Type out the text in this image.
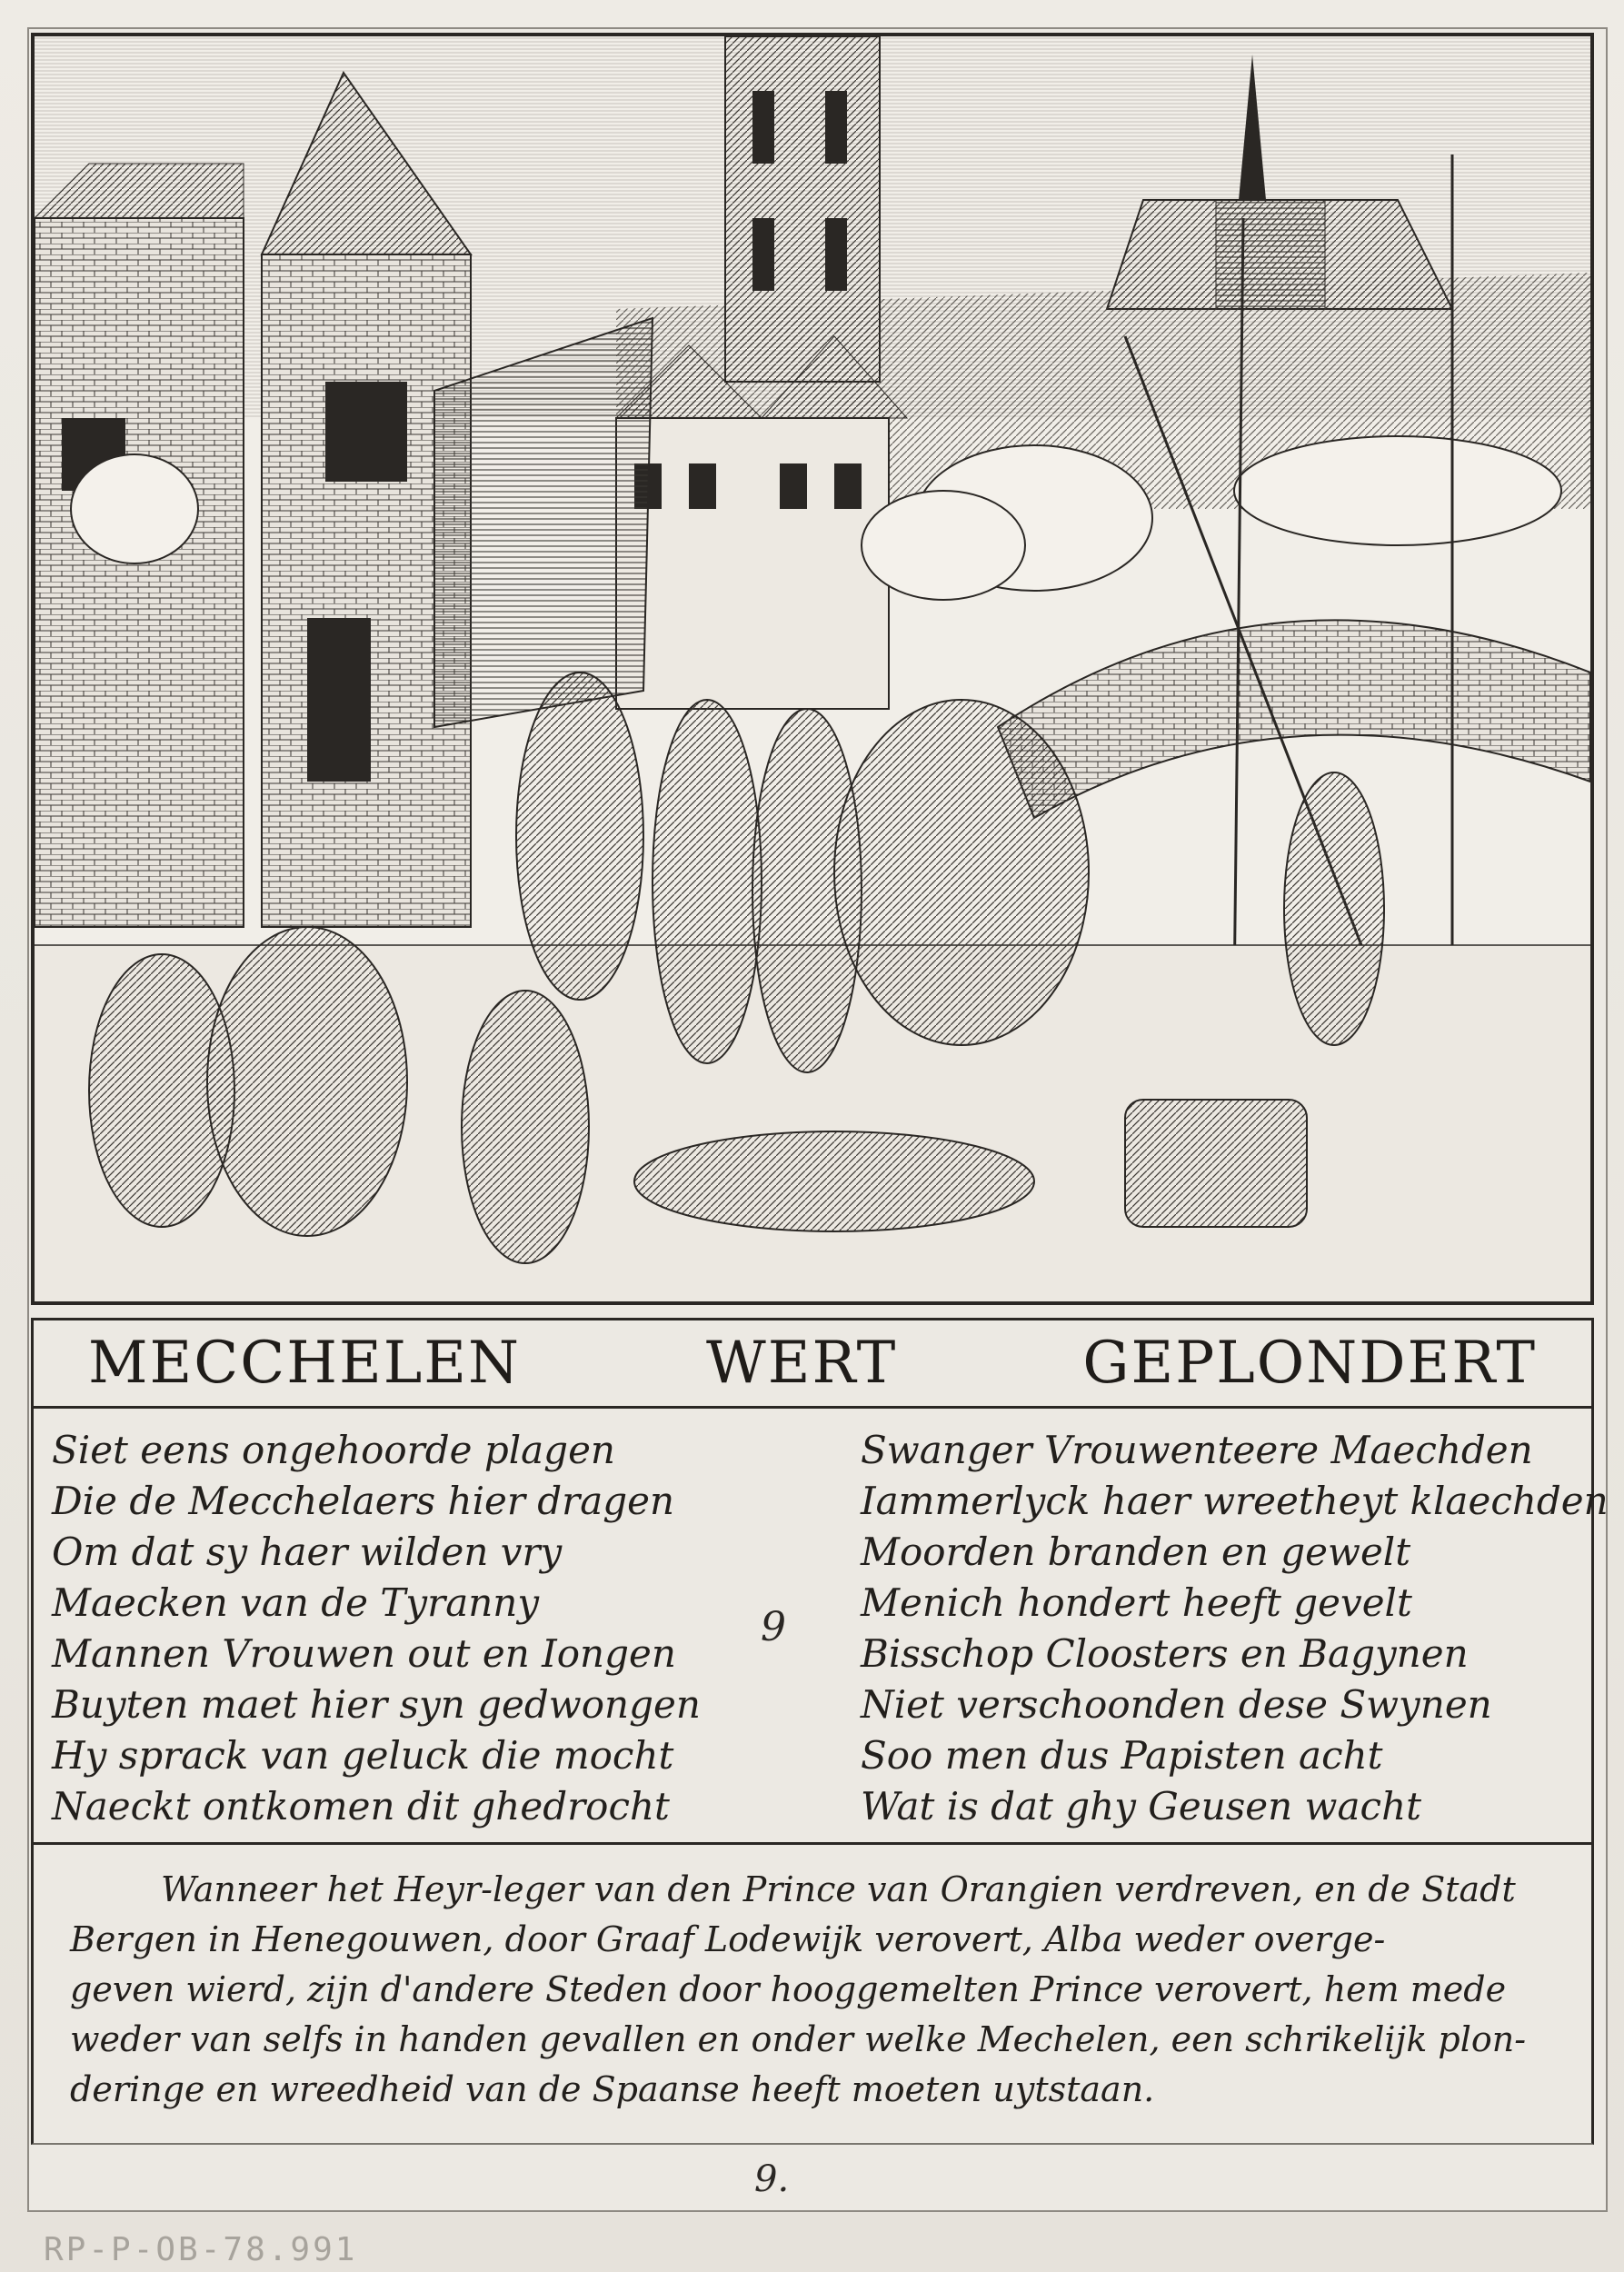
MECCHELEN	WERT	GEPLONDERT
Siet eens ongehoorde plagen
Die de Mecchelaers hier dragen
Om dat sy haer wilden vry
Maecken van de Tyranny
Mannen Vrouwen out en Iongen
Buyten maet hier syn gedwongen
Hy sprack van geluck die mocht
Naeckt ontkomen dit ghedrocht
9
Swanger Vrouwenteere Maechden
Iammerlyck haer wreetheyt klaechden
Moorden branden en gewelt
Menich hondert heeft gevelt
Bisschop Cloosters en Bagynen
Niet verschoonden dese Swynen
Soo men dus Papisten acht
Wat is dat ghy Geusen wacht
Wanneer het Heyr-leger van den Prince van Orangien verdreven, en de Stadt
Bergen in Henegouwen, door Graaf Lodewijk verovert, Alba weder overge-
geven wierd, zijn d'andere Steden door hooggemelten Prince verovert, hem mede
weder van selfs in handen gevallen en onder welke Mechelen, een schrikelijk plon-
deringe en wreedheid van de Spaanse heeft moeten uytstaan.
9.
RP-P-OB-78.991
